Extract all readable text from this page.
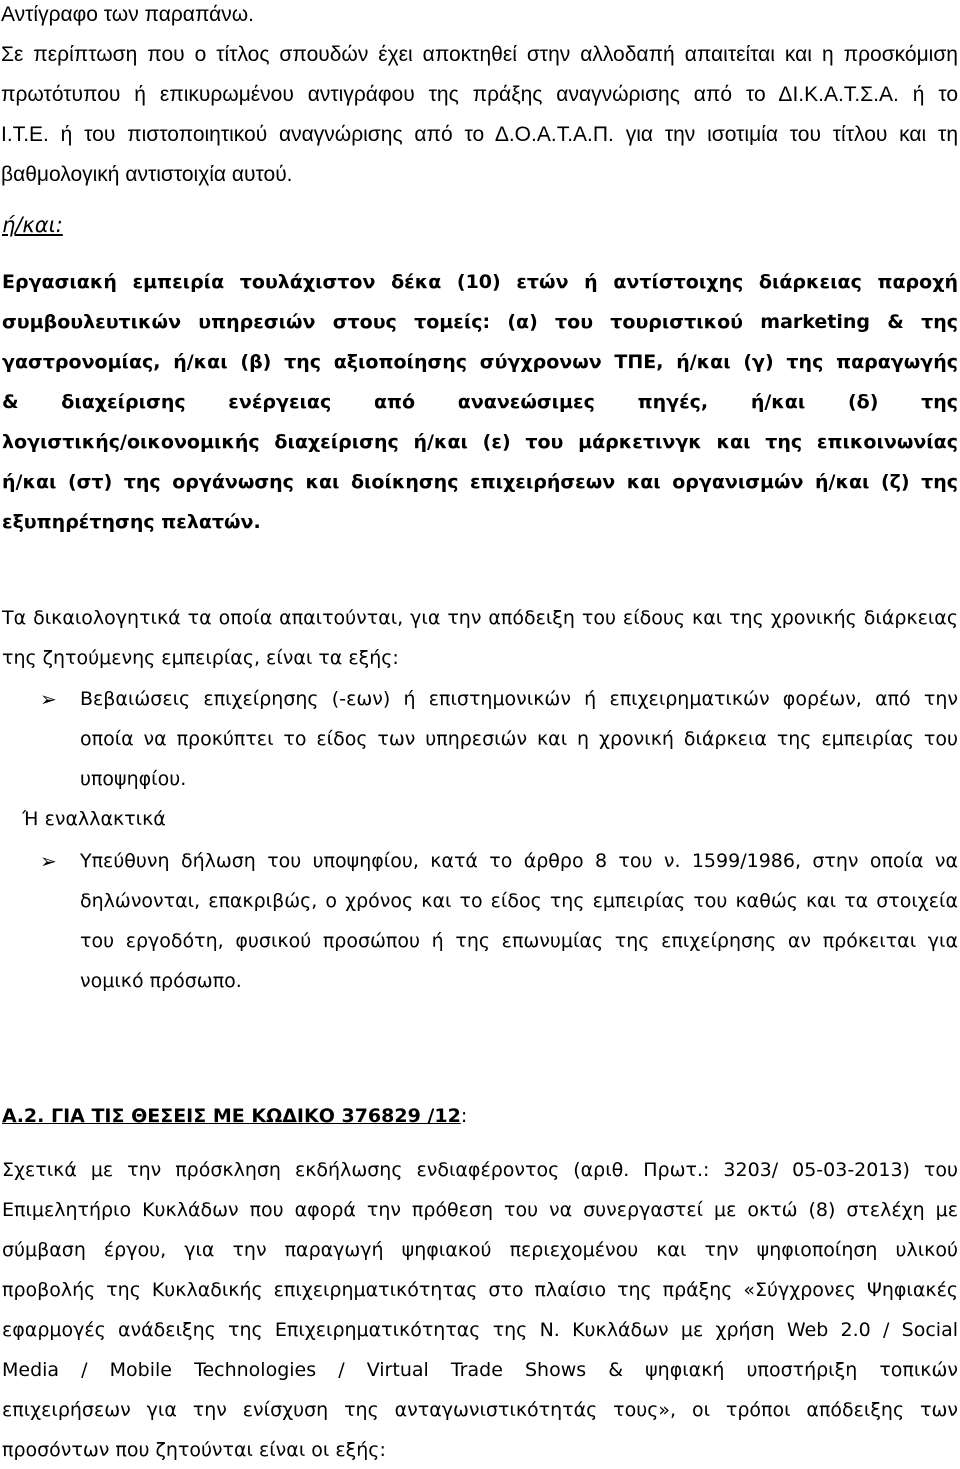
Αντίγραφο των παραπάνω.
Σε περίπτωση που ο τίτλος σπουδών έχει αποκτηθεί στην αλλοδαπή απαιτείται και η προσκόμιση
πρωτότυπου ή επικυρωμένου αντιγράφου της πράξης αναγνώρισης από το ΔΙ.Κ.Α.Τ.Σ.Α. ή το
Ι.Τ.Ε. ή του πιστοποιητικού αναγνώρισης από το Δ.Ο.Α.Τ.Α.Π. για την ισοτιμία του τίτλου και τη
βαθμολογική αντιστοιχία αυτού.
ή/και:
Εργασιακή εμπειρία τουλάχιστον δέκα (10) ετών ή αντίστοιχης διάρκειας παροχή
συμβουλευτικών υπηρεσιών στους τομείς: (α) του τουριστικού marketing & της
γαστρονομίας, ή/και (β) της αξιοποίησης σύγχρονων ΤΠΕ, ή/και (γ) της παραγωγής
& διαχείρισης ενέργειας από ανανεώσιμες πηγές, ή/και (δ) της
λογιστικής/οικονομικής διαχείρισης ή/και (ε) του μάρκετινγκ και της επικοινωνίας
ή/και (στ) της οργάνωσης και διοίκησης επιχειρήσεων και οργανισμών ή/και (ζ) της
εξυπηρέτησης πελατών.
Τα δικαιολογητικά τα οποία απαιτούνται, για την απόδειξη του είδους και της χρονικής διάρκειας
της ζητούμενης εμπειρίας, είναι τα εξής:
➢ Βεβαιώσεις επιχείρησης (-εων) ή επιστημονικών ή επιχειρηματικών φορέων, από την
οποία να προκύπτει το είδος των υπηρεσιών και η χρονική διάρκεια της εμπειρίας του
υποψηφίου.
Ή εναλλακτικά
➢ Υπεύθυνη δήλωση του υποψηφίου, κατά το άρθρο 8 του ν. 1599/1986, στην οποία να
δηλώνονται, επακριβώς, ο χρόνος και το είδος της εμπειρίας του καθώς και τα στοιχεία
του εργοδότη, φυσικού προσώπου ή της επωνυμίας της επιχείρησης αν πρόκειται για
νομικό πρόσωπο.
Α.2. ΓΙΑ ΤΙΣ ΘΕΣΕΙΣ ΜΕ ΚΩΔΙΚΟ 376829 /12:
Σχετικά με την πρόσκληση εκδήλωσης ενδιαφέροντος (αριθ. Πρωτ.: 3203/ 05-03-2013) του
Επιμελητήριο Κυκλάδων που αφορά την πρόθεση του να συνεργαστεί με οκτώ (8) στελέχη με
σύμβαση έργου, για την παραγωγή ψηφιακού περιεχομένου και την ψηφιοποίηση υλικού
προβολής της Κυκλαδικής επιχειρηματικότητας στο πλαίσιο της πράξης «Σύγχρονες Ψηφιακές
εφαρμογές ανάδειξης της Επιχειρηματικότητας της Ν. Κυκλάδων με χρήση Web 2.0 / Social
Media / Mobile Technologies / Virtual Trade Shows & ψηφιακή υποστήριξη τοπικών
επιχειρήσεων για την ενίσχυση της ανταγωνιστικότητάς τους», οι τρόποι απόδειξης των
προσόντων που ζητούνται είναι οι εξής:
